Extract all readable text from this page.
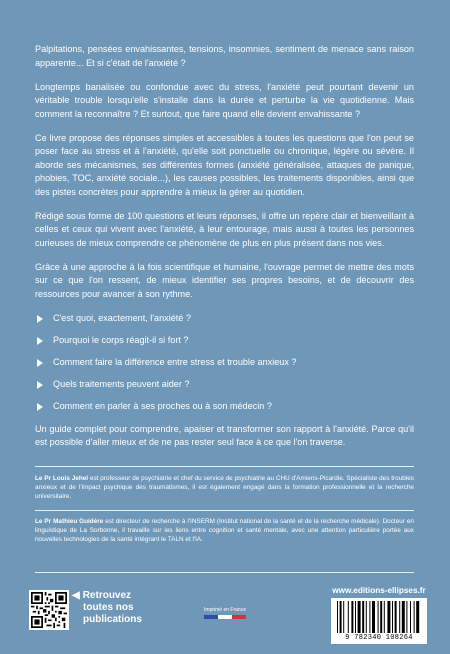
Palpitations, pensées envahissantes, tensions, insomnies, sentiment de menace sans raison apparente... Et si c'était de l'anxiété ?

Longtemps banalisée ou confondue avec du stress, l'anxiété peut pourtant devenir un véritable trouble lorsqu'elle s'installe dans la durée et perturbe la vie quotidienne. Mais comment la reconnaître ? Et surtout, que faire quand elle devient envahissante ?

Ce livre propose des réponses simples et accessibles à toutes les questions que l'on peut se poser face au stress et à l'anxiété, qu'elle soit ponctuelle ou chronique, légère ou sévère. Il aborde ses mécanismes, ses différentes formes (anxiété généralisée, attaques de panique, phobies, TOC, anxiété sociale...), les causes possibles, les traitements disponibles, ainsi que des pistes concrètes pour apprendre à mieux la gérer au quotidien.

Rédigé sous forme de 100 questions et leurs réponses, il offre un repère clair et bienveillant à celles et ceux qui vivent avec l'anxiété, à leur entourage, mais aussi à toutes les personnes curieuses de mieux comprendre ce phénomène de plus en plus présent dans nos vies.

Grâce à une approche à la fois scientifique et humaine, l'ouvrage permet de mettre des mots sur ce que l'on ressent, de mieux identifier ses propres besoins, et de découvrir des ressources pour avancer à son rythme.

C'est quoi, exactement, l'anxiété ?
Pourquoi le corps réagit-il si fort ?
Comment faire la différence entre stress et trouble anxieux ?
Quels traitements peuvent aider ?
Comment en parler à ses proches ou à son médecin ?

Un guide complet pour comprendre, apaiser et transformer son rapport à l'anxiété. Parce qu'il est possible d'aller mieux et de ne pas rester seul face à ce que l'on traverse.

Le Pr Louis Jehel est professeur de psychiatrie et chef du service de psychiatrie au CHU d'Amiens-Picardie. Spécialiste des troubles anxieux et de l'impact psychique des traumatismes, il est également engagé dans la formation professionnelle et la recherche universitaire.
Le Pr Mathieu Guidère est directeur de recherche à l'INSERM (Institut national de la santé et de la recherche médicale). Docteur en linguistique de La Sorbonne, il travaille sur les liens entre cognition et santé mentale, avec une attention particulière portée aux nouvelles technologies de la santé intégrant le TALN et l'IA.
◀ Retrouvez
toutes nos
publications
Imprimé en France
www.editions-ellipses.fr
9 782340 108264
